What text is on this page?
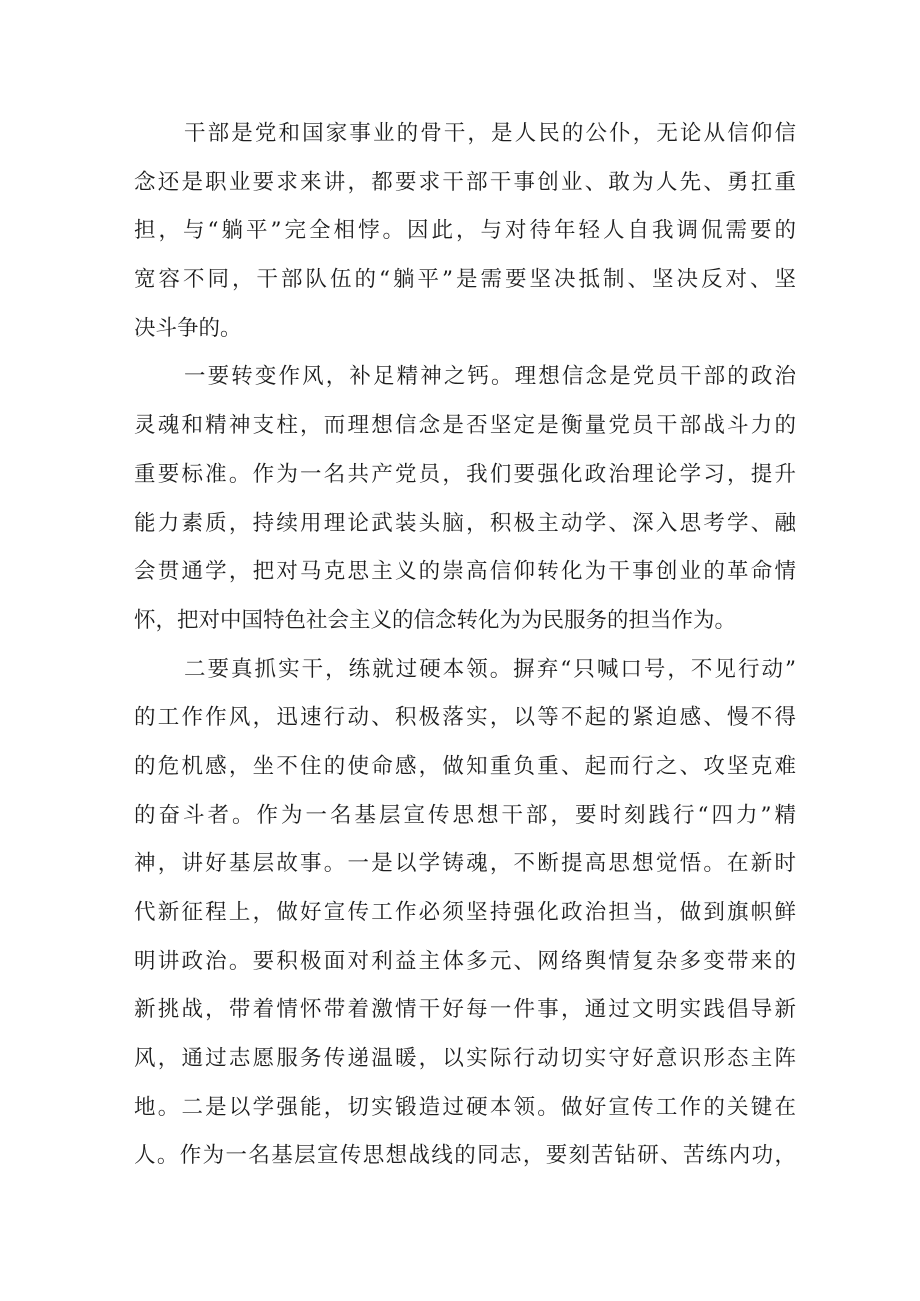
干部是党和国家事业的骨干，是人民的公仆，无论从信仰信
念还是职业要求来讲，都要求干部干事创业、敢为人先、勇扛重
担，与“躺平”完全相悖。因此，与对待年轻人自我调侃需要的
宽容不同，干部队伍的“躺平”是需要坚决抵制、坚决反对、坚
决斗争的。
一要转变作风，补足精神之钙。理想信念是党员干部的政治
灵魂和精神支柱，而理想信念是否坚定是衡量党员干部战斗力的
重要标准。作为一名共产党员，我们要强化政治理论学习，提升
能力素质，持续用理论武装头脑，积极主动学、深入思考学、融
会贯通学，把对马克思主义的崇高信仰转化为干事创业的革命情
怀，把对中国特色社会主义的信念转化为为民服务的担当作为。
二要真抓实干，练就过硬本领。摒弃“只喊口号，不见行动”
的工作作风，迅速行动、积极落实，以等不起的紧迫感、慢不得
的危机感，坐不住的使命感，做知重负重、起而行之、攻坚克难
的奋斗者。作为一名基层宣传思想干部，要时刻践行“四力”精
神，讲好基层故事。一是以学铸魂，不断提高思想觉悟。在新时
代新征程上，做好宣传工作必须坚持强化政治担当，做到旗帜鲜
明讲政治。要积极面对利益主体多元、网络舆情复杂多变带来的
新挑战，带着情怀带着激情干好每一件事，通过文明实践倡导新
风，通过志愿服务传递温暖，以实际行动切实守好意识形态主阵
地。二是以学强能，切实锻造过硬本领。做好宣传工作的关键在
人。作为一名基层宣传思想战线的同志，要刻苦钻研、苦练内功，
